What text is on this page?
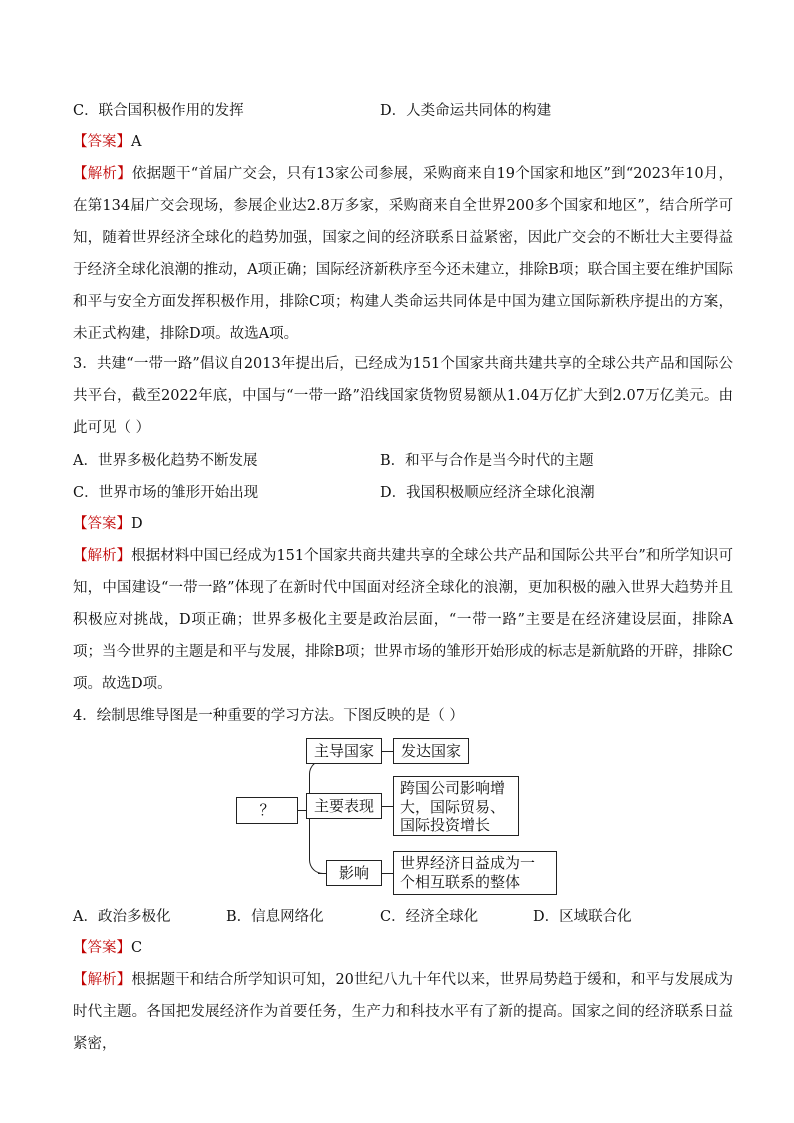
C．联合国积极作用的发挥	D．人类命运共同体的构建
【答案】A
【解析】依据题干“首届广交会，只有13家公司参展，采购商来自19个国家和地区”到“2023年10月，在第134届广交会现场，参展企业达2.8万多家，采购商来自全世界200多个国家和地区”，结合所学可知，随着世界经济全球化的趋势加强，国家之间的经济联系日益紧密，因此广交会的不断壮大主要得益于经济全球化浪潮的推动，A项正确；国际经济新秩序至今还未建立，排除B项；联合国主要在维护国际和平与安全方面发挥积极作用，排除C项；构建人类命运共同体是中国为建立国际新秩序提出的方案，未正式构建，排除D项。故选A项。
3．共建“一带一路”倡议自2013年提出后，已经成为151个国家共商共建共享的全球公共产品和国际公共平台，截至2022年底，中国与“一带一路”沿线国家货物贸易额从1.04万亿扩大到2.07万亿美元。由此可见（ ）
A．世界多极化趋势不断发展	B．和平与合作是当今时代的主题
C．世界市场的雏形开始出现	D．我国积极顺应经济全球化浪潮
【答案】D
【解析】根据材料中国已经成为151个国家共商共建共享的全球公共产品和国际公共平台”和所学知识可知，中国建设“一带一路”体现了在新时代中国面对经济全球化的浪潮，更加积极的融入世界大趋势并且积极应对挑战，D项正确；世界多极化主要是政治层面，“一带一路”主要是在经济建设层面，排除A项；当今世界的主题是和平与发展，排除B项；世界市场的雏形开始形成的标志是新航路的开辟，排除C项。故选D项。
4．绘制思维导图是一种重要的学习方法。下图反映的是（ ）
？
主导国家	发达国家
主要表现
跨国公司影响增
大，国际贸易、
国际投资增长
影响
世界经济日益成为一
个相互联系的整体
A．政治多极化	B．信息网络化	C．经济全球化	D．区域联合化
【答案】C
【解析】根据题干和结合所学知识可知，20世纪八九十年代以来，世界局势趋于缓和，和平与发展成为时代主题。各国把发展经济作为首要任务，生产力和科技水平有了新的提高。国家之间的经济联系日益紧密，
